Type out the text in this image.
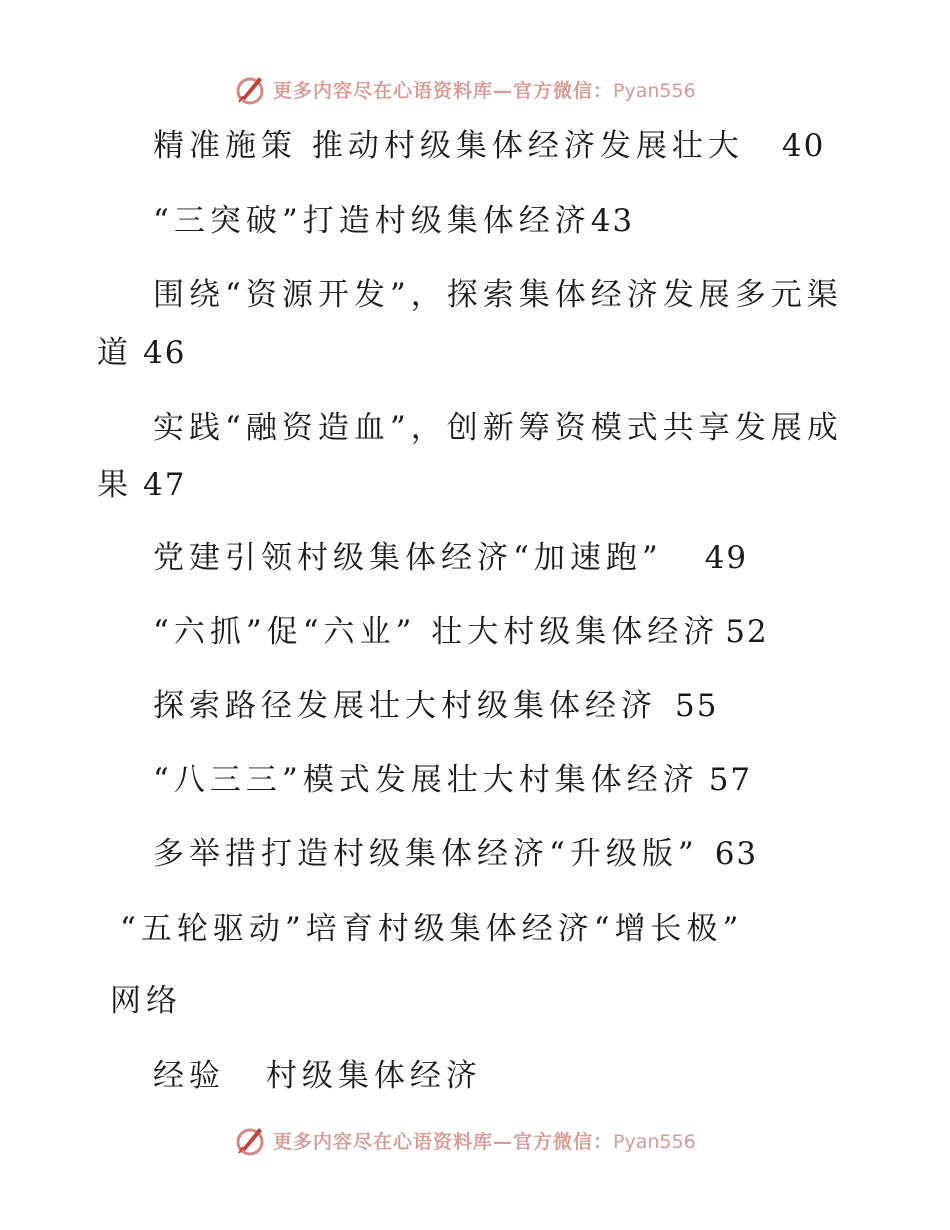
更多内容尽在心语资料库—官方微信：Pyan556
精准施策 推动村级集体经济发展壮大 40
“三突破”打造村级集体经济43
围绕“资源开发”，探索集体经济发展多元渠
道 46
实践“融资造血”，创新筹资模式共享发展成
果 47
党建引领村级集体经济“加速跑” 49
“六抓”促“六业” 壮大村级集体经济 52
探索路径发展壮大村级集体经济 55
“八三三”模式发展壮大村集体经济 57
多举措打造村级集体经济“升级版” 63
“五轮驱动”培育村级集体经济“增长极”
网络
经验 村级集体经济
更多内容尽在心语资料库—官方微信：Pyan556
